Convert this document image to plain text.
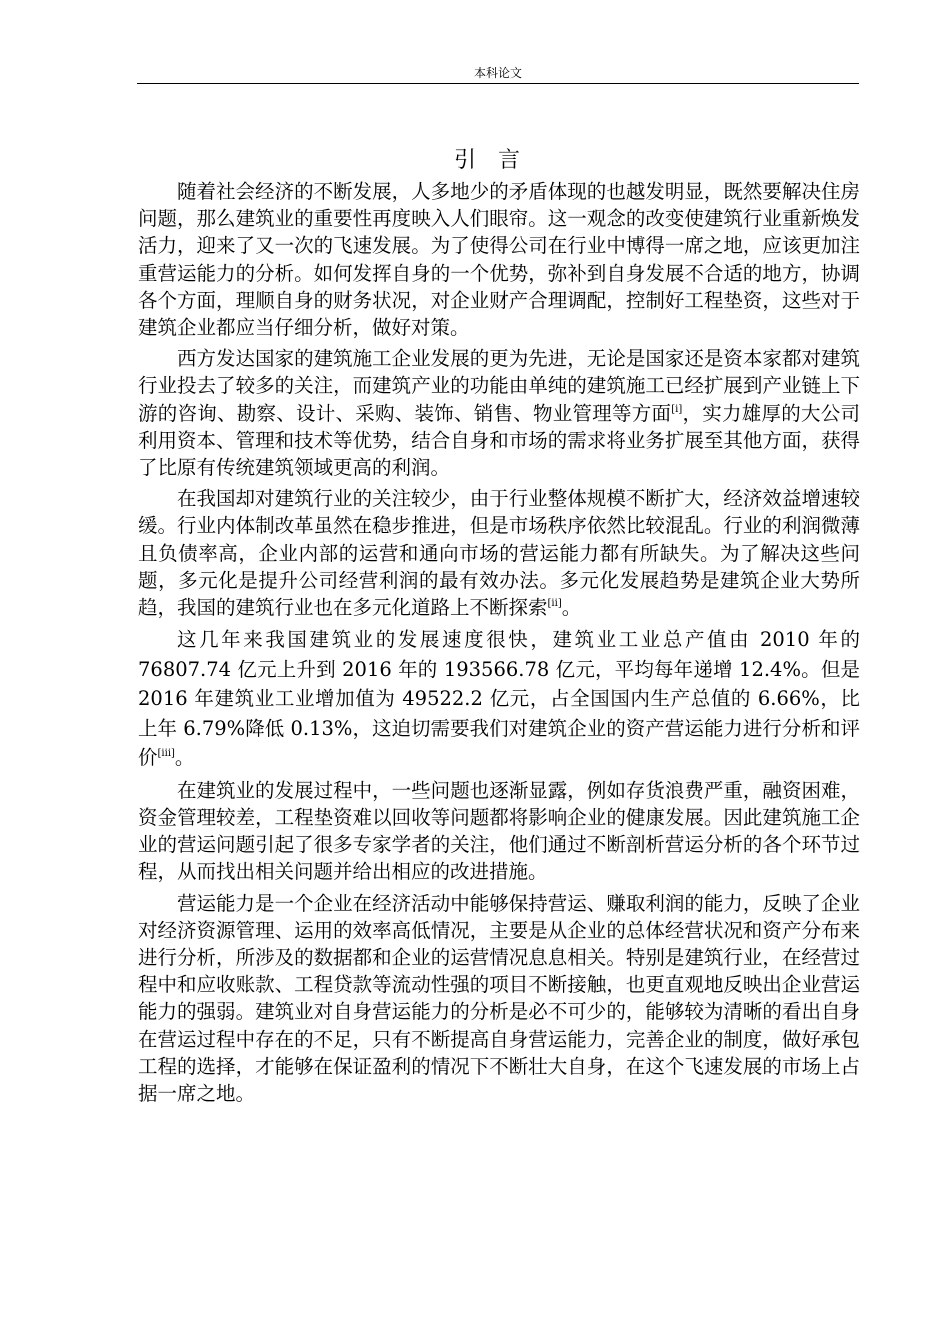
本科论文
引言

随着社会经济的不断发展，人多地少的矛盾体现的也越发明显，既然要解决住房问题，那么建筑业的重要性再度映入人们眼帘。这一观念的改变使建筑行业重新焕发活力，迎来了又一次的飞速发展。为了使得公司在行业中博得一席之地，应该更加注重营运能力的分析。如何发挥自身的一个优势，弥补到自身发展不合适的地方，协调各个方面，理顺自身的财务状况，对企业财产合理调配，控制好工程垫资，这些对于建筑企业都应当仔细分析，做好对策。

西方发达国家的建筑施工企业发展的更为先进，无论是国家还是资本家都对建筑行业投去了较多的关注，而建筑产业的功能由单纯的建筑施工已经扩展到产业链上下游的咨询、勘察、设计、采购、装饰、销售、物业管理等方面[i]，实力雄厚的大公司利用资本、管理和技术等优势，结合自身和市场的需求将业务扩展至其他方面，获得了比原有传统建筑领域更高的利润。

在我国却对建筑行业的关注较少，由于行业整体规模不断扩大，经济效益增速较缓。行业内体制改革虽然在稳步推进，但是市场秩序依然比较混乱。行业的利润微薄且负债率高，企业内部的运营和通向市场的营运能力都有所缺失。为了解决这些问题，多元化是提升公司经营利润的最有效办法。多元化发展趋势是建筑企业大势所趋，我国的建筑行业也在多元化道路上不断探索[ii]。

这几年来我国建筑业的发展速度很快，建筑业工业总产值由 2010 年的 76807.74 亿元上升到 2016 年的 193566.78 亿元，平均每年递增 12.4%。但是 2016 年建筑业工业增加值为 49522.2 亿元，占全国国内生产总值的 6.66%，比上年 6.79%降低 0.13%，这迫切需要我们对建筑企业的资产营运能力进行分析和评价[iii]。

在建筑业的发展过程中，一些问题也逐渐显露，例如存货浪费严重，融资困难，资金管理较差，工程垫资难以回收等问题都将影响企业的健康发展。因此建筑施工企业的营运问题引起了很多专家学者的关注，他们通过不断剖析营运分析的各个环节过程，从而找出相关问题并给出相应的改进措施。

营运能力是一个企业在经济活动中能够保持营运、赚取利润的能力，反映了企业对经济资源管理、运用的效率高低情况，主要是从企业的总体经营状况和资产分布来进行分析，所涉及的数据都和企业的运营情况息息相关。特别是建筑行业，在经营过程中和应收账款、工程贷款等流动性强的项目不断接触，也更直观地反映出企业营运能力的强弱。建筑业对自身营运能力的分析是必不可少的，能够较为清晰的看出自身在营运过程中存在的不足，只有不断提高自身营运能力，完善企业的制度，做好承包工程的选择，才能够在保证盈利的情况下不断壮大自身，在这个飞速发展的市场上占据一席之地。
